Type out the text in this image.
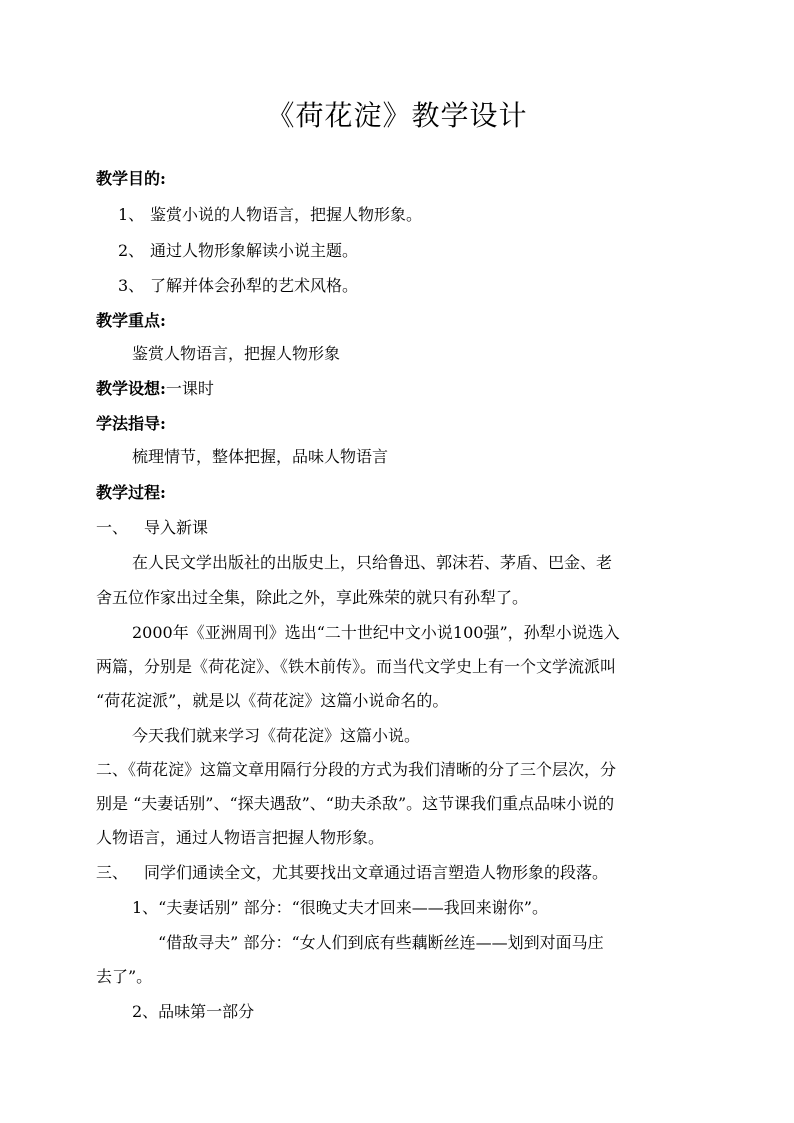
《荷花淀》教学设计
教学目的:
1、 鉴赏小说的人物语言，把握人物形象。
2、 通过人物形象解读小说主题。
3、 了解并体会孙犁的艺术风格。
教学重点:
鉴赏人物语言，把握人物形象
教学设想:一课时
学法指导:
梳理情节，整体把握，品味人物语言
教学过程:
一、 导入新课
在人民文学出版社的出版史上，只给鲁迅、郭沫若、茅盾、巴金、老
舍五位作家出过全集，除此之外，享此殊荣的就只有孙犁了。
2000年《亚洲周刊》选出“二十世纪中文小说100强”，孙犁小说选入
两篇，分别是《荷花淀》、《铁木前传》。而当代文学史上有一个文学流派叫
“荷花淀派”，就是以《荷花淀》这篇小说命名的。
今天我们就来学习《荷花淀》这篇小说。
二、《荷花淀》这篇文章用隔行分段的方式为我们清晰的分了三个层次，分
别是 “夫妻话别”、“探夫遇敌”、“助夫杀敌”。这节课我们重点品味小说的
人物语言，通过人物语言把握人物形象。
三、 同学们通读全文，尤其要找出文章通过语言塑造人物形象的段落。
1、“夫妻话别” 部分：“很晚丈夫才回来——我回来谢你”。
“借敌寻夫” 部分：“女人们到底有些藕断丝连——划到对面马庄
去了”。
2、品味第一部分
